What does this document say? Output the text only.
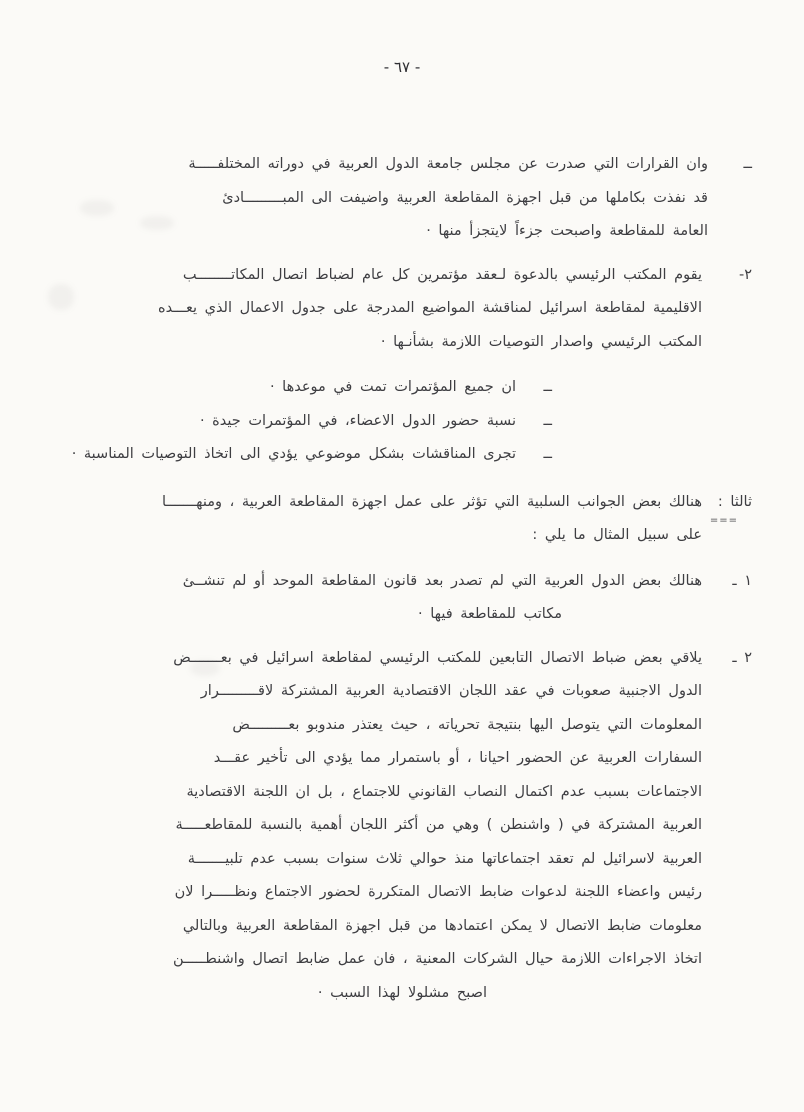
- ٦٧ -
ــ
وان القرارات التي صدرت عن مجلس جامعة الدول العربية في دوراته المختلفـــــة
قد نفذت بكاملها من قبل اجهزة المقاطعة العربية واضيفت الى المبـــــــــادئ
العامة للمقاطعة واصبحت جزءاً لايتجزأ منها ·
٢-
يقوم المكتب الرئيسي بالدعوة لـعقد مؤتمرين كل عام لضباط اتصال المكاتــــــــب
الاقليمية لمقاطعة اسرائيل لمناقشة المواضيع المدرجة على جدول الاعمال الذي يعـــده
المكتب الرئيسي واصدار التوصيات اللازمة بشأنـها ·
ــ
ان جميع المؤتمرات تمت في موعدها ·
ــ
نسبة حضور الدول الاعضاء، في المؤتمرات جيدة ·
ــ
تجرى المناقشات بشكل موضوعي يؤدي الى اتخاذ التوصيات المناسبة ·
ثالثا :
===
هنالك بعض الجوانب السلبية التي تؤثر على عمل اجهزة المقاطعة العربية ، ومنهـــــــا
على سبيل المثال ما يلي :
١ ـ
هنالك بعض الدول العربية التي لم تصدر بعد قانون المقاطعة الموحد أو لم تنشــئ
مكاتب للمقاطعة فيها ·
٢ ـ
يلاقي بعض ضباط الاتصال التابعين للمكتب الرئيسي لمقاطعة اسرائيل في بعـــــــض
الدول الاجنبية صعوبات في عقد اللجان الاقتصادية العربية المشتركة لاقـــــــــرار
المعلومات التي يتوصل اليها بنتيجة تحرياته ، حيث يعتذر مندوبو بعـــــــــض
السفارات العربية عن الحضور احيانا ، أو باستمرار مما يؤدي الى تأخير عقـــد
الاجتماعات بسبب عدم اكتمال النصاب القانوني للاجتماع ، بل ان اللجنة الاقتصادية
العربية المشتركة في ( واشنطن ) وهي من أكثر اللجان أهمية بالنسبة للمقاطعـــــة
العربية لاسرائيل لم تعقد اجتماعاتها منذ حوالي ثلاث سنوات بسبب عدم تلبيـــــــة
رئيس واعضاء اللجنة لدعوات ضابط الاتصال المتكررة لحضور الاجتماع ونظـــــرا لان
معلومات ضابط الاتصال لا يمكن اعتمادها من قبل اجهزة المقاطعة العربية وبالتالي
اتخاذ الاجراءات اللازمة حيال الشركات المعنية ، فان عمل ضابط اتصال واشنطـــــن
اصبح مشلولا لهذا السبب ·
